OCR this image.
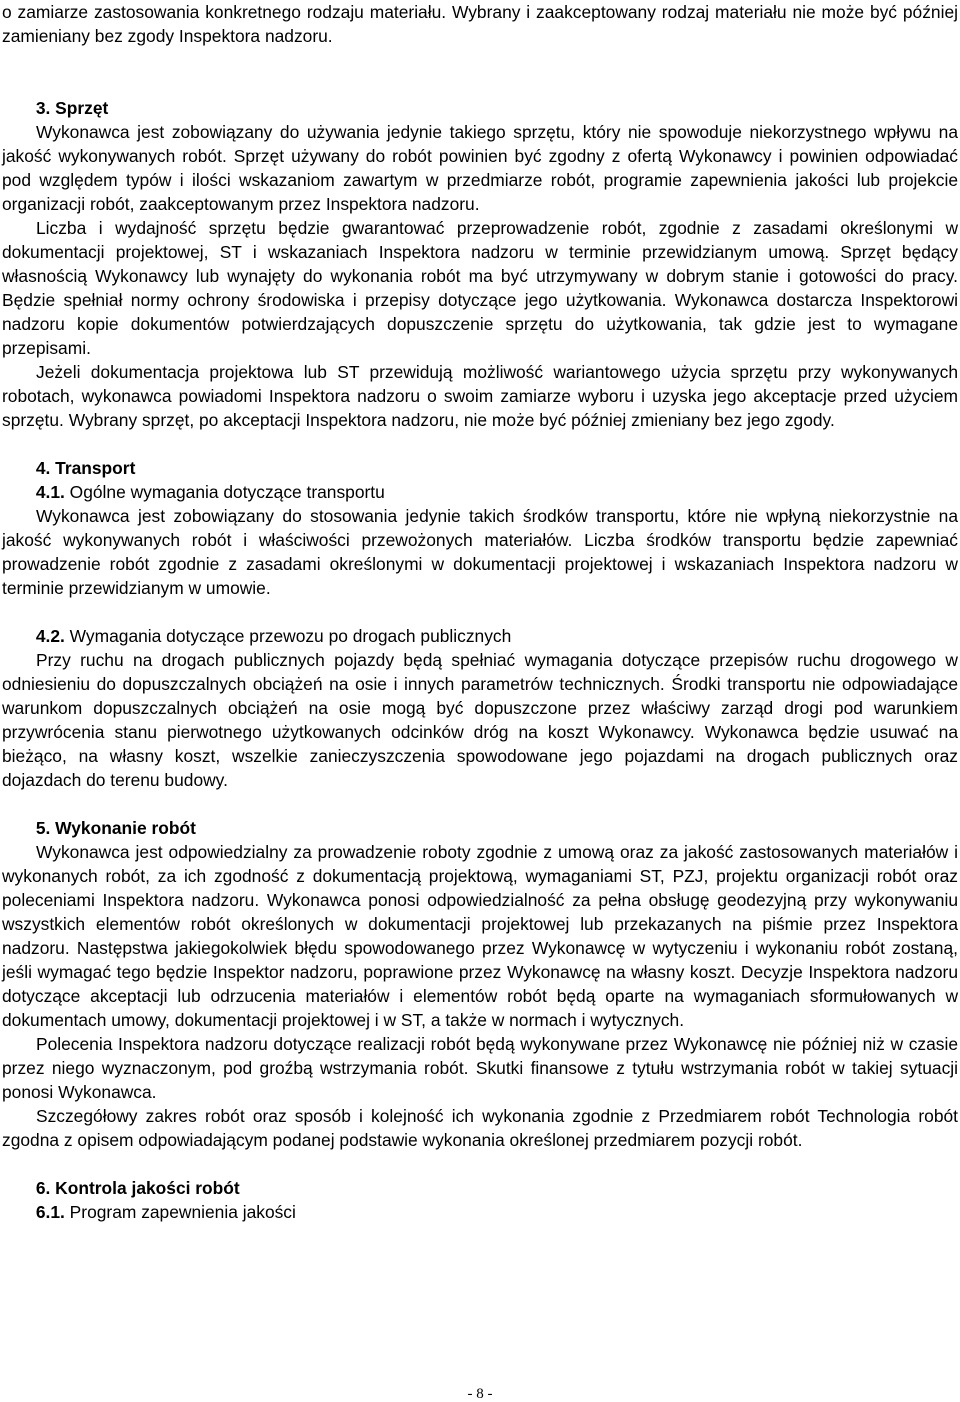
o zamiarze zastosowania konkretnego rodzaju materiału. Wybrany i zaakceptowany rodzaj materiału nie może być później zamieniany bez zgody Inspektora nadzoru.

3. Sprzęt

Wykonawca jest zobowiązany do używania jedynie takiego sprzętu, który nie spowoduje niekorzystnego wpływu na jakość wykonywanych robót. Sprzęt używany do robót powinien być zgodny z ofertą Wykonawcy i powinien odpowiadać pod względem typów i ilości wskazaniom zawartym w przedmiarze robót, programie zapewnienia jakości lub projekcie organizacji robót, zaakceptowanym przez Inspektora nadzoru.

Liczba i wydajność sprzętu będzie gwarantować przeprowadzenie robót, zgodnie z zasadami określonymi w dokumentacji projektowej, ST i wskazaniach Inspektora nadzoru w terminie przewidzianym umową. Sprzęt będący własnością Wykonawcy lub wynajęty do wykonania robót ma być utrzymywany w dobrym stanie i gotowości do pracy. Będzie spełniał normy ochrony środowiska i przepisy dotyczące jego użytkowania. Wykonawca dostarcza Inspektorowi nadzoru kopie dokumentów potwierdzających dopuszczenie sprzętu do użytkowania, tak gdzie jest to wymagane przepisami.

Jeżeli dokumentacja projektowa lub ST przewidują możliwość wariantowego użycia sprzętu przy wykonywanych robotach, wykonawca powiadomi Inspektora nadzoru o swoim zamiarze wyboru i uzyska jego akceptacje przed użyciem sprzętu. Wybrany sprzęt, po akceptacji Inspektora nadzoru, nie może być później zmieniany bez jego zgody.

4. Transport

4.1. Ogólne wymagania dotyczące transportu

Wykonawca jest zobowiązany do stosowania jedynie takich środków transportu, które nie wpłyną niekorzystnie na jakość wykonywanych robót i właściwości przewożonych materiałów. Liczba środków transportu będzie zapewniać prowadzenie robót zgodnie z zasadami określonymi w dokumentacji projektowej i wskazaniach Inspektora nadzoru w terminie przewidzianym w umowie.

4.2. Wymagania dotyczące przewozu po drogach publicznych

Przy ruchu na drogach publicznych pojazdy będą spełniać wymagania dotyczące przepisów ruchu drogowego w odniesieniu do dopuszczalnych obciążeń na osie i innych parametrów technicznych. Środki transportu nie odpowiadające warunkom dopuszczalnych obciążeń na osie mogą być dopuszczone przez właściwy zarząd drogi pod warunkiem przywrócenia stanu pierwotnego użytkowanych odcinków dróg na koszt Wykonawcy. Wykonawca będzie usuwać na bieżąco, na własny koszt, wszelkie zanieczyszczenia spowodowane jego pojazdami na drogach publicznych oraz dojazdach do terenu budowy.

5. Wykonanie robót

Wykonawca jest odpowiedzialny za prowadzenie roboty zgodnie z umową oraz za jakość zastosowanych materiałów i wykonanych robót, za ich zgodność z dokumentacją projektową, wymaganiami ST, PZJ, projektu organizacji robót oraz poleceniami Inspektora nadzoru. Wykonawca ponosi odpowiedzialność za pełna obsługę geodezyjną przy wykonywaniu wszystkich elementów robót określonych w dokumentacji projektowej lub przekazanych na piśmie przez Inspektora nadzoru. Następstwa jakiegokolwiek błędu spowodowanego przez Wykonawcę w wytyczeniu i wykonaniu robót zostaną, jeśli wymagać tego będzie Inspektor nadzoru, poprawione przez Wykonawcę na własny koszt. Decyzje Inspektora nadzoru dotyczące akceptacji lub odrzucenia materiałów i elementów robót będą oparte na wymaganiach sformułowanych w dokumentach umowy, dokumentacji projektowej i w ST, a także w normach i wytycznych.

Polecenia Inspektora nadzoru dotyczące realizacji robót będą wykonywane przez Wykonawcę nie później niż w czasie przez niego wyznaczonym, pod groźbą wstrzymania robót. Skutki finansowe z tytułu wstrzymania robót w takiej sytuacji ponosi Wykonawca.

Szczegółowy zakres robót oraz sposób i kolejność ich wykonania zgodnie z Przedmiarem robót Technologia robót zgodna z opisem odpowiadającym podanej podstawie wykonania określonej przedmiarem pozycji robót.

6. Kontrola jakości robót

6.1. Program zapewnienia jakości

- 8 -
